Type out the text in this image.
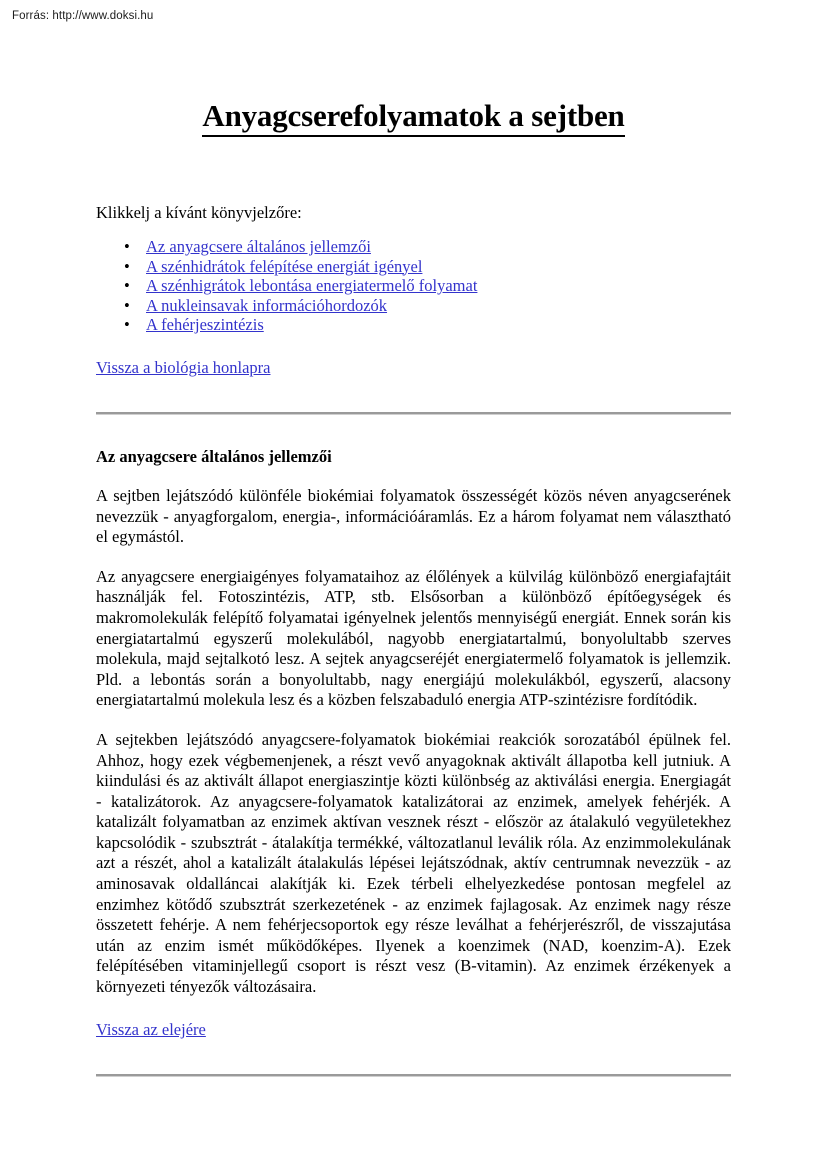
Forrás: http://www.doksi.hu
Anyagcserefolyamatok a sejtben

Klikkelj a kívánt könyvjelzőre:

• Az anyagcsere általános jellemzői
• A szénhidrátok felépítése energiát igényel
• A szénhigrátok lebontása energiatermelő folyamat
• A nukleinsavak információhordozók
• A fehérjeszintézis

Vissza a biológia honlapra

Az anyagcsere általános jellemzői

A sejtben lejátszódó különféle biokémiai folyamatok összességét közös néven anyagcserének nevezzük - anyagforgalom, energia-, információáramlás. Ez a három folyamat nem választható el egymástól.

Az anyagcsere energiaigényes folyamataihoz az élőlények a külvilág különböző energiafajtáit használják fel. Fotoszintézis, ATP, stb. Elsősorban a különböző építőegységek és makromolekulák felépítő folyamatai igényelnek jelentős mennyiségű energiát. Ennek során kis energiatartalmú egyszerű molekulából, nagyobb energiatartalmú, bonyolultabb szerves molekula, majd sejtalkotó lesz. A sejtek anyagcseréjét energiatermelő folyamatok is jellemzik. Pld. a lebontás során a bonyolultabb, nagy energiájú molekulákból, egyszerű, alacsony energiatartalmú molekula lesz és a közben felszabaduló energia ATP-szintézisre fordítódik.

A sejtekben lejátszódó anyagcsere-folyamatok biokémiai reakciók sorozatából épülnek fel. Ahhoz, hogy ezek végbemenjenek, a részt vevő anyagoknak aktivált állapotba kell jutniuk. A kiindulási és az aktivált állapot energiaszintje közti különbség az aktiválási energia. Energiagát - katalizátorok. Az anyagcsere-folyamatok katalizátorai az enzimek, amelyek fehérjék. A katalizált folyamatban az enzimek aktívan vesznek részt - először az átalakuló vegyületekhez kapcsolódik - szubsztrát - átalakítja termékké, változatlanul leválik róla. Az enzimmolekulának azt a részét, ahol a katalizált átalakulás lépései lejátszódnak, aktív centrumnak nevezzük - az aminosavak oldalláncai alakítják ki. Ezek térbeli elhelyezkedése pontosan megfelel az enzimhez kötődő szubsztrát szerkezetének - az enzimek fajlagosak. Az enzimek nagy része összetett fehérje. A nem fehérjecsoportok egy része leválhat a fehérjerészről, de visszajutása után az enzim ismét működőképes. Ilyenek a koenzimek (NAD, koenzim-A). Ezek felépítésében vitaminjellegű csoport is részt vesz (B-vitamin). Az enzimek érzékenyek a környezeti tényezők változásaira.

Vissza az elejére
